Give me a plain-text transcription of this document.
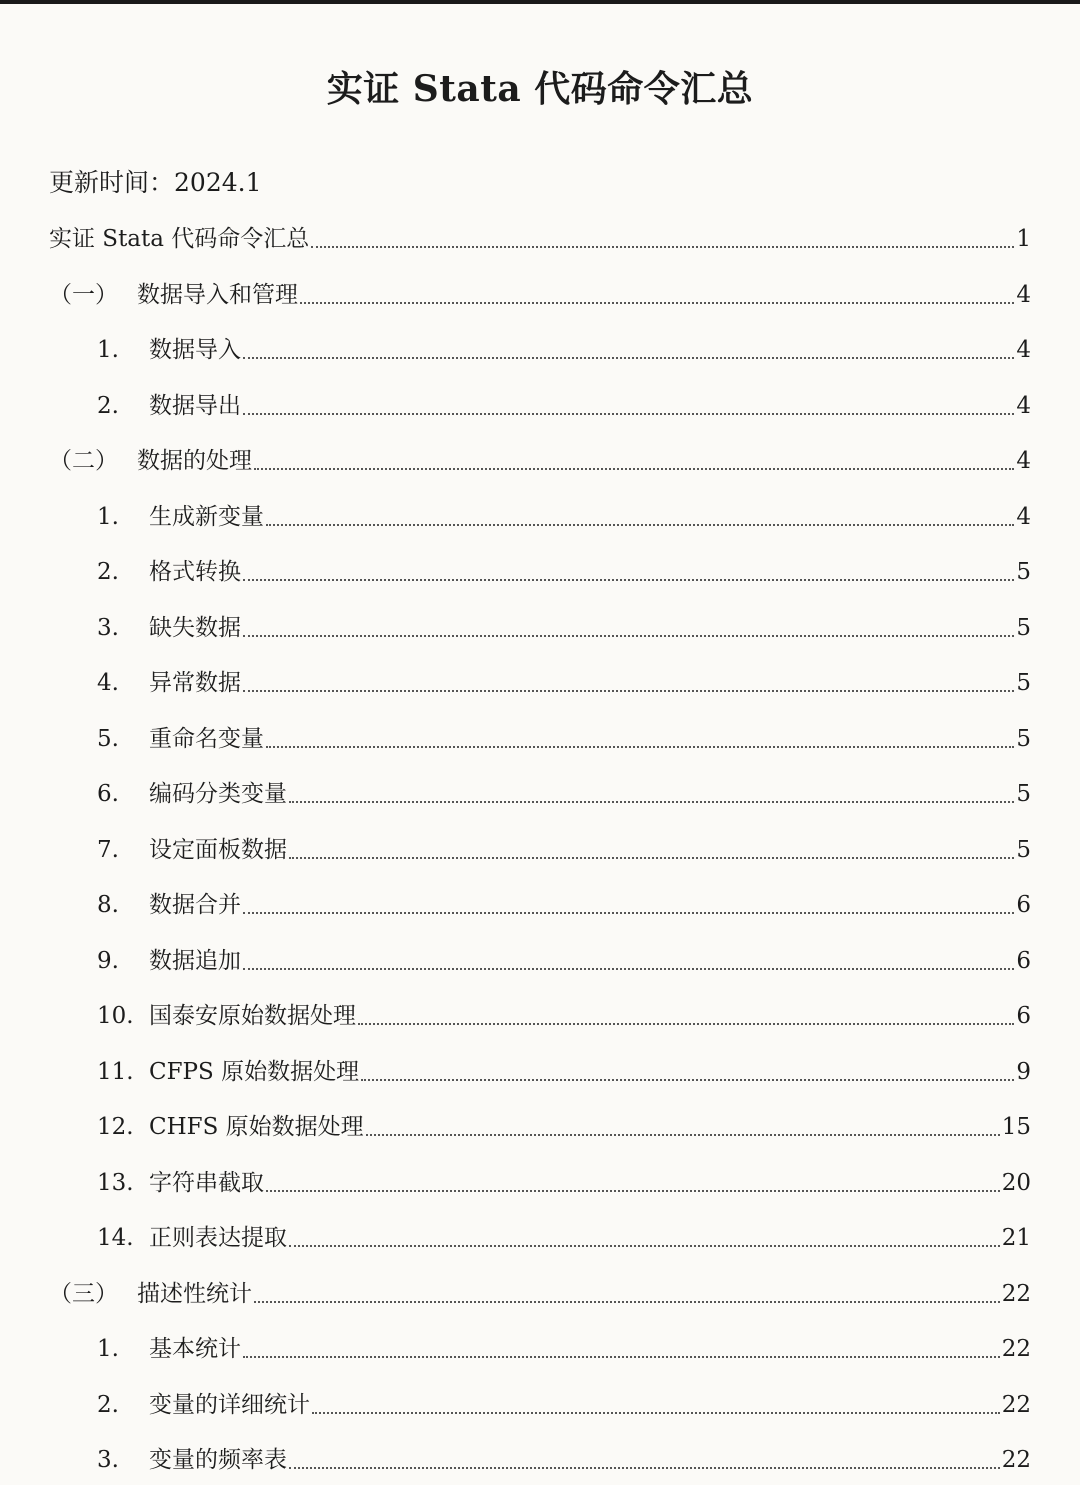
实证 Stata 代码命令汇总
更新时间：2024.1
实证 Stata 代码命令汇总	1
（一） 数据导入和管理	4
1.	数据导入	4
2.	数据导出	4
（二） 数据的处理	4
1.	生成新变量	4
2.	格式转换	5
3.	缺失数据	5
4.	异常数据	5
5.	重命名变量	5
6.	编码分类变量	5
7.	设定面板数据	5
8.	数据合并	6
9.	数据追加	6
10. 国泰安原始数据处理	6
11. CFPS 原始数据处理	9
12. CHFS 原始数据处理	15
13. 字符串截取	20
14. 正则表达提取	21
（三） 描述性统计	22
1.	基本统计	22
2.	变量的详细统计	22
3.	变量的频率表	22
